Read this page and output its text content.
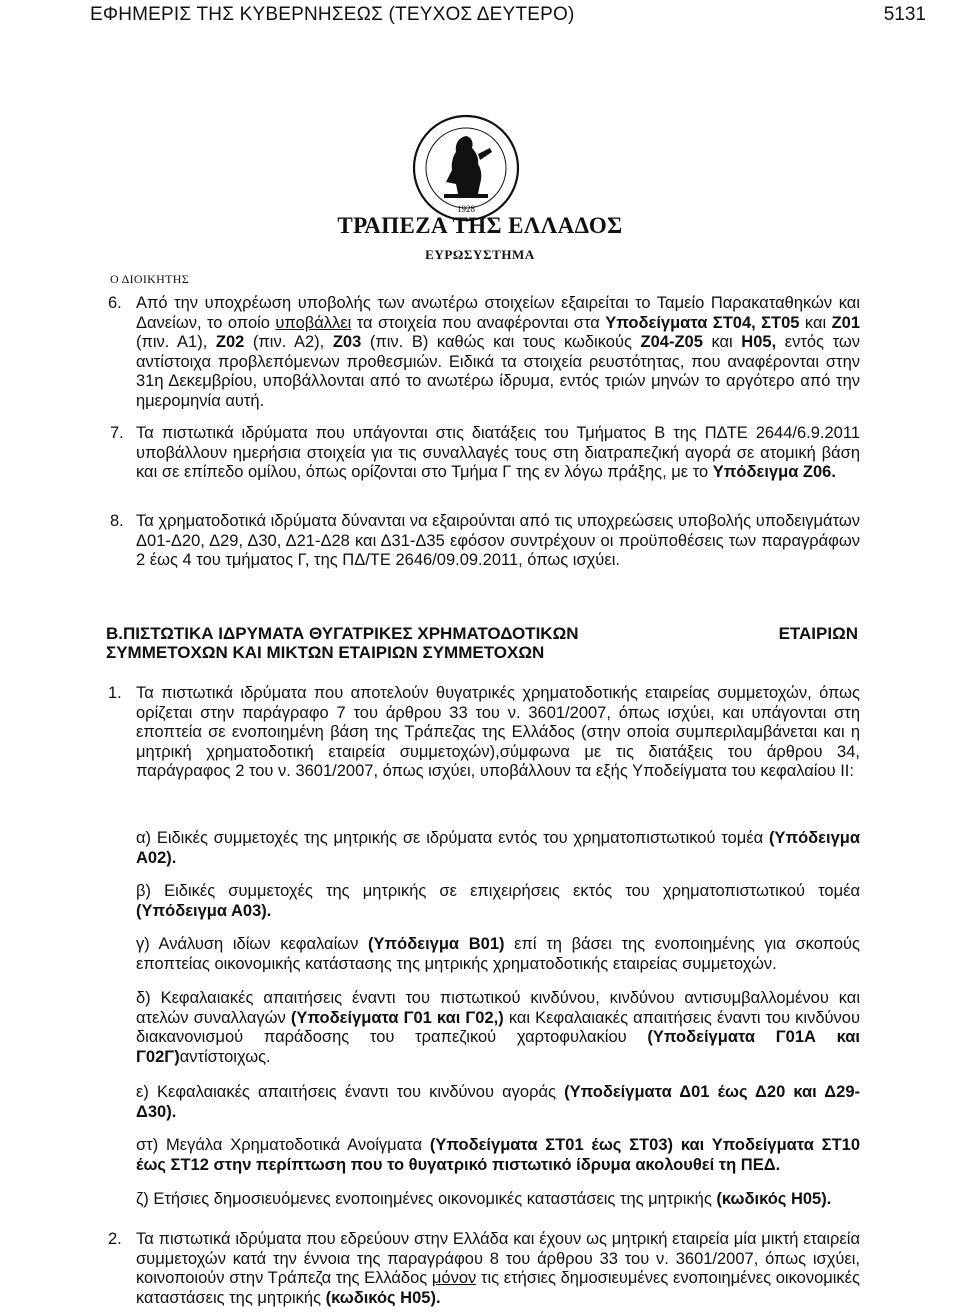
ΕΦΗΜΕΡΙΣ ΤΗΣ ΚΥΒΕΡΝΗΣΕΩΣ (ΤΕΥΧΟΣ ΔΕΥΤΕΡΟ)	5131
1928
ΤΡΑΠΕΖΑ ΤΗΣ ΕΛΛΑΔΟΣ
ΕΥΡΩΣΥΣΤΗΜΑ
Ο ΔΙΟΙΚΗΤΗΣ
6. Από την υποχρέωση υποβολής των ανωτέρω στοιχείων εξαιρείται το Ταμείο Παρακαταθηκών και Δανείων, το οποίο υποβάλλει τα στοιχεία που αναφέρονται στα Υποδείγματα ΣΤ04, ΣΤ05 και Ζ01 (πιν. Α1), Ζ02 (πιν. Α2), Ζ03 (πιν. Β) καθώς και τους κωδικούς Ζ04-Ζ05 και Η05, εντός των αντίστοιχα προβλεπόμενων προθεσμιών. Ειδικά τα στοιχεία ρευστότητας, που αναφέρονται στην 31η Δεκεμβρίου, υποβάλλονται από το ανωτέρω ίδρυμα, εντός τριών μηνών το αργότερο από την ημερομηνία αυτή.
7. Τα πιστωτικά ιδρύματα που υπάγονται στις διατάξεις του Τμήματος Β της ΠΔΤΕ 2644/6.9.2011 υποβάλλουν ημερήσια στοιχεία για τις συναλλαγές τους στη διατραπεζική αγορά σε ατομική βάση και σε επίπεδο ομίλου, όπως ορίζονται στο Τμήμα Γ της εν λόγω πράξης, με το Υπόδειγμα Ζ06.
8. Τα χρηματοδοτικά ιδρύματα δύνανται να εξαιρούνται από τις υποχρεώσεις υποβολής υποδειγμάτων Δ01-Δ20, Δ29, Δ30, Δ21-Δ28 και Δ31-Δ35 εφόσον συντρέχουν οι προϋποθέσεις των παραγράφων 2 έως 4 του τμήματος Γ, της ΠΔ/ΤΕ 2646/09.09.2011, όπως ισχύει.
Β.ΠΙΣΤΩΤΙΚΑ ΙΔΡΥΜΑΤΑ ΘΥΓΑΤΡΙΚΕΣ ΧΡΗΜΑΤΟΔΟΤΙΚΩΝ	ΕΤΑΙΡΙΩΝ
ΣΥΜΜΕΤΟΧΩΝ ΚΑΙ ΜΙΚΤΩΝ ΕΤΑΙΡΙΩΝ ΣΥΜΜΕΤΟΧΩΝ
1. Τα πιστωτικά ιδρύματα που αποτελούν θυγατρικές χρηματοδοτικής εταιρείας συμμετοχών, όπως ορίζεται στην παράγραφο 7 του άρθρου 33 του ν. 3601/2007, όπως ισχύει, και υπάγονται στη εποπτεία σε ενοποιημένη βάση της Τράπεζας της Ελλάδος (στην οποία συμπεριλαμβάνεται και η μητρική χρηματοδοτική εταιρεία συμμετοχών),σύμφωνα με τις διατάξεις του άρθρου 34, παράγραφος 2 του ν. 3601/2007, όπως ισχύει, υποβάλλουν τα εξής Υποδείγματα του κεφαλαίου ΙΙ:
α) Ειδικές συμμετοχές της μητρικής σε ιδρύματα εντός του χρηματοπιστωτικού τομέα (Υπόδειγμα Α02).
β) Ειδικές συμμετοχές της μητρικής σε επιχειρήσεις εκτός του χρηματοπιστωτικού τομέα (Υπόδειγμα Α03).
γ) Ανάλυση ιδίων κεφαλαίων (Υπόδειγμα Β01) επί τη βάσει της ενοποιημένης για σκοπούς εποπτείας οικονομικής κατάστασης της μητρικής χρηματοδοτικής εταιρείας συμμετοχών.
δ) Κεφαλαιακές απαιτήσεις έναντι του πιστωτικού κινδύνου, κινδύνου αντισυμβαλλομένου και ατελών συναλλαγών (Υποδείγματα Γ01 και Γ02,) και Κεφαλαιακές απαιτήσεις έναντι του κινδύνου διακανονισμού παράδοσης του τραπεζικού χαρτοφυλακίου (Υποδείγματα Γ01Α και Γ02Γ)αντίστοιχως.
ε) Κεφαλαιακές απαιτήσεις έναντι του κινδύνου αγοράς (Υποδείγματα Δ01 έως Δ20 και Δ29- Δ30).
στ) Μεγάλα Χρηματοδοτικά Ανοίγματα (Υποδείγματα ΣΤ01 έως ΣΤ03) και Υποδείγματα ΣΤ10 έως ΣΤ12 στην περίπτωση που το θυγατρικό πιστωτικό ίδρυμα ακολουθεί τη ΠΕΔ.
ζ) Ετήσιες δημοσιευόμενες ενοποιημένες οικονομικές καταστάσεις της μητρικής (κωδικός Η05).
2. Τα πιστωτικά ιδρύματα που εδρεύουν στην Ελλάδα και έχουν ως μητρική εταιρεία μία μικτή εταιρεία συμμετοχών κατά την έννοια της παραγράφου 8 του άρθρου 33 του ν. 3601/2007, όπως ισχύει, κοινοποιούν στην Τράπεζα της Ελλάδος μόνον τις ετήσιες δημοσιευμένες ενοποιημένες οικονομικές καταστάσεις της μητρικής (κωδικός Η05).
